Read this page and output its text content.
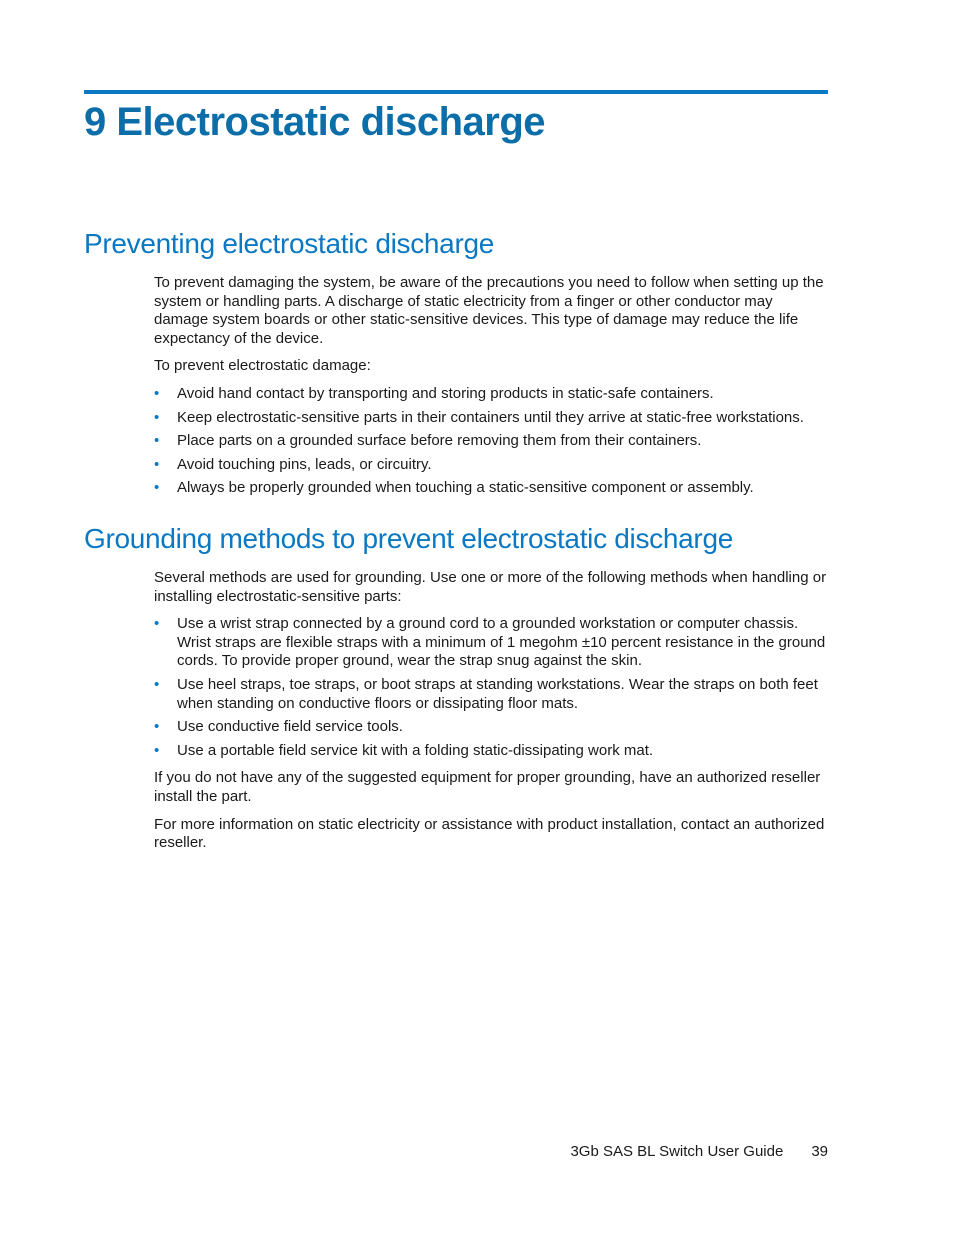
9 Electrostatic discharge
Preventing electrostatic discharge

To prevent damaging the system, be aware of the precautions you need to follow when setting up the system or handling parts. A discharge of static electricity from a finger or other conductor may damage system boards or other static-sensitive devices. This type of damage may reduce the life expectancy of the device.

To prevent electrostatic damage:

• Avoid hand contact by transporting and storing products in static-safe containers.
• Keep electrostatic-sensitive parts in their containers until they arrive at static-free workstations.
• Place parts on a grounded surface before removing them from their containers.
• Avoid touching pins, leads, or circuitry.
• Always be properly grounded when touching a static-sensitive component or assembly.
Grounding methods to prevent electrostatic discharge

Several methods are used for grounding. Use one or more of the following methods when handling or installing electrostatic-sensitive parts:

• Use a wrist strap connected by a ground cord to a grounded workstation or computer chassis. Wrist straps are flexible straps with a minimum of 1 megohm ±10 percent resistance in the ground cords. To provide proper ground, wear the strap snug against the skin.
• Use heel straps, toe straps, or boot straps at standing workstations. Wear the straps on both feet when standing on conductive floors or dissipating floor mats.
• Use conductive field service tools.
• Use a portable field service kit with a folding static-dissipating work mat.

If you do not have any of the suggested equipment for proper grounding, have an authorized reseller install the part.

For more information on static electricity or assistance with product installation, contact an authorized reseller.

3Gb SAS BL Switch User Guide 39
